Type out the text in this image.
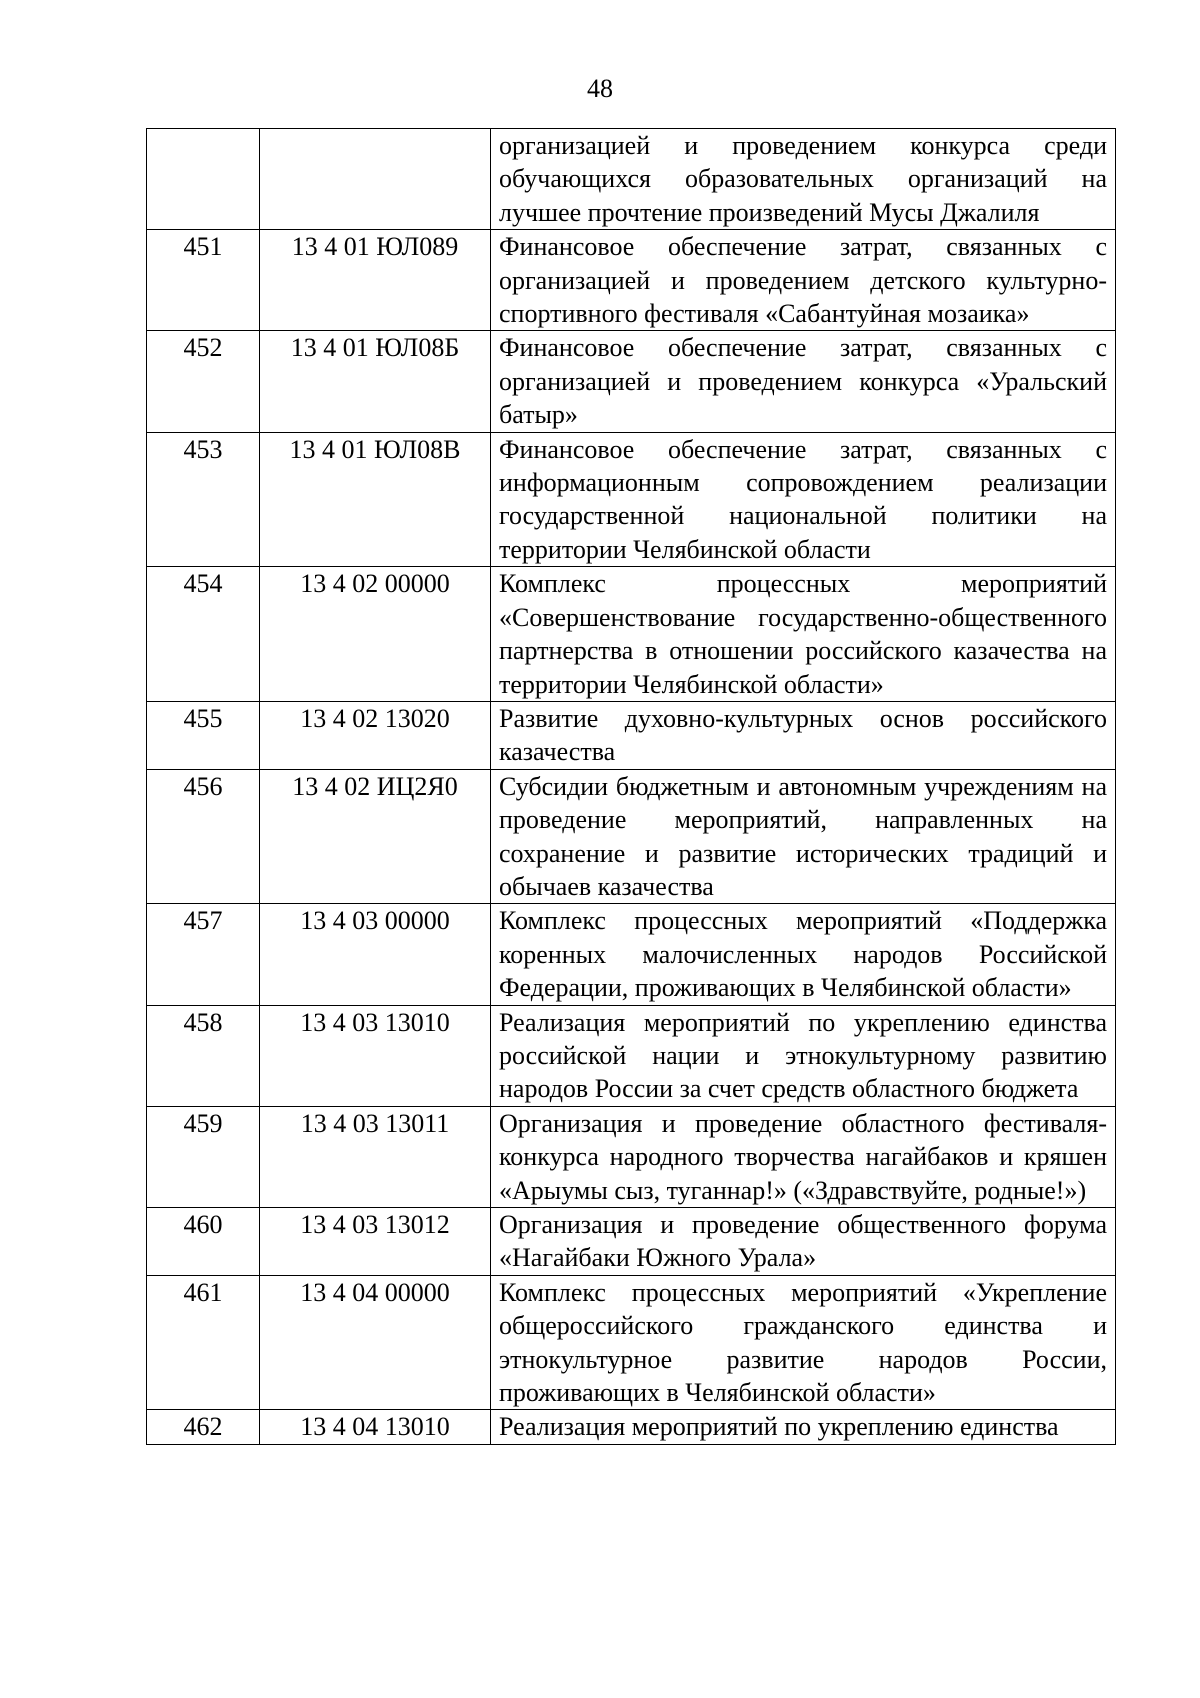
48
		организацией и проведением конкурса среди обучающихся образовательных организаций на лучшее прочтение произведений Мусы Джалиля
451	13 4 01 ЮЛ089	Финансовое обеспечение затрат, связанных с организацией и проведением детского культурно-спортивного фестиваля «Сабантуйная мозаика»
452	13 4 01 ЮЛ08Б	Финансовое обеспечение затрат, связанных с организацией и проведением конкурса «Уральский батыр»
453	13 4 01 ЮЛ08В	Финансовое обеспечение затрат, связанных с информационным сопровождением реализации государственной национальной политики на территории Челябинской области
454	13 4 02 00000	Комплекс процессных мероприятий «Совершенствование государственно-общественного партнерства в отношении российского казачества на территории Челябинской области»
455	13 4 02 13020	Развитие духовно-культурных основ российского казачества
456	13 4 02 ИЦ2Я0	Субсидии бюджетным и автономным учреждениям на проведение мероприятий, направленных на сохранение и развитие исторических традиций и обычаев казачества
457	13 4 03 00000	Комплекс процессных мероприятий «Поддержка коренных малочисленных народов Российской Федерации, проживающих в Челябинской области»
458	13 4 03 13010	Реализация мероприятий по укреплению единства российской нации и этнокультурному развитию народов России за счет средств областного бюджета
459	13 4 03 13011	Организация и проведение областного фестиваля-конкурса народного творчества нагайбаков и кряшен «Арыумы сыз, туганнар!» («Здравствуйте, родные!»)
460	13 4 03 13012	Организация и проведение общественного форума «Нагайбаки Южного Урала»
461	13 4 04 00000	Комплекс процессных мероприятий «Укрепление общероссийского гражданского единства и этнокультурное развитие народов России, проживающих в Челябинской области»
462	13 4 04 13010	Реализация мероприятий по укреплению единства
